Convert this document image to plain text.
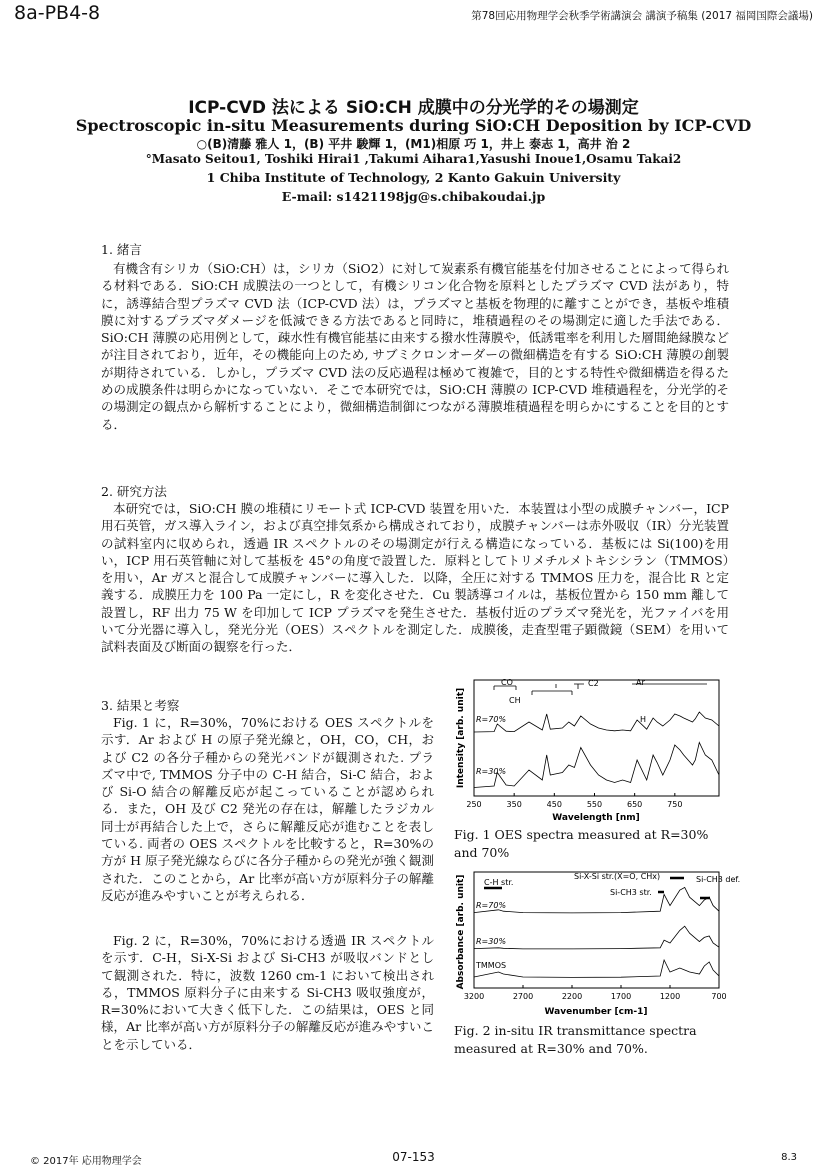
8a-PB4-8	第78回応用物理学会秋季学術講演会 講演予稿集 (2017 福岡国際会議場)
ICP-CVD 法による SiO:CH 成膜中の分光学的その場測定
Spectroscopic in-situ Measurements during SiO:CH Deposition by ICP-CVD
○(B)清藤 雅人 1，(B) 平井 駿輝 1，(M1)相原 巧 1，井上 泰志 1，高井 治 2
°Masato Seitou1, Toshiki Hirai1 ,Takumi Aihara1,Yasushi Inoue1,Osamu Takai2
1 Chiba Institute of Technology, 2 Kanto Gakuin University
E-mail: s1421198jg@s.chibakoudai.jp
1. 緒言
有機含有シリカ（SiO:CH）は，シリカ（SiO2）に対して炭素系有機官能基を付加させることによって得られる材料である．SiO:CH 成膜法の一つとして，有機シリコン化合物を原料としたプラズマ CVD 法があり，特に，誘導結合型プラズマ CVD 法（ICP-CVD 法）は，プラズマと基板を物理的に離すことができ，基板や堆積膜に対するプラズマダメージを低減できる方法であると同時に，堆積過程のその場測定に適した手法である．SiO:CH 薄膜の応用例として，疎水性有機官能基に由来する撥水性薄膜や，低誘電率を利用した層間絶縁膜などが注目されており，近年，その機能向上のため, サブミクロンオーダーの微細構造を有する SiO:CH 薄膜の創製が期待されている．しかし，プラズマ CVD 法の反応過程は極めて複雑で，目的とする特性や微細構造を得るための成膜条件は明らかになっていない．そこで本研究では，SiO:CH 薄膜の ICP-CVD 堆積過程を，分光学的その場測定の観点から解析することにより，微細構造制御につながる薄膜堆積過程を明らかにすることを目的とする．
2. 研究方法
本研究では，SiO:CH 膜の堆積にリモート式 ICP-CVD 装置を用いた．本装置は小型の成膜チャンバー，ICP 用石英管，ガス導入ライン，および真空排気系から構成されており，成膜チャンバーは赤外吸収（IR）分光装置の試料室内に収められ，透過 IR スペクトルのその場測定が行える構造になっている．基板には Si(100)を用い，ICP 用石英管軸に対して基板を 45°の角度で設置した．原料としてトリメチルメトキシシラン（TMMOS）を用い，Ar ガスと混合して成膜チャンバーに導入した．以降，全圧に対する TMMOS 圧力を，混合比 R と定義する．成膜圧力を 100 Pa 一定にし，R を変化させた．Cu 製誘導コイルは，基板位置から 150 mm 離して設置し，RF 出力 75 W を印加して ICP プラズマを発生させた．基板付近のプラズマ発光を，光ファイバを用いて分光器に導入し，発光分光（OES）スペクトルを測定した．成膜後，走査型電子顕微鏡（SEM）を用いて試料表面及び断面の観察を行った．
3. 結果と考察
Fig. 1 に，R=30%，70%における OES スペクトルを示す．Ar および H の原子発光線と，OH，CO，CH，および C2 の各分子種からの発光バンドが観測された. プラズマ中で, TMMOS 分子中の C-H 結合，Si-C 結合，および Si-O 結合の解離反応が起こっていることが認められる．また，OH 及び C2 発光の存在は，解離したラジカル同士が再結合した上で，さらに解離反応が進むことを表している. 両者の OES スペクトルを比較すると，R=30%の方が H 原子発光線ならびに各分子種からの発光が強く観測された．このことから，Ar 比率が高い方が原料分子の解離反応が進みやすいことが考えられる．
Fig. 2 に，R=30%，70%における透過 IR スペクトルを示す．C-H，Si-X-Si および Si-CH3 が吸収バンドとして観測された．特に，波数 1260 cm-1 において検出される，TMMOS 原料分子に由来する Si-CH3 吸収強度が，R=30%において大きく低下した．この結果は，OES と同様，Ar 比率が高い方が原料分子の解離反応が進みやすいことを示している．
Intensity [arb. unit]
Wavelength [nm]
250	350	450	550	650	750
CO
CH
C2	Ar
H
R=70%
R=30%
Fig. 1 OES spectra measured at R=30% and 70%
Absorbance [arb. unit]
Wavenumber [cm-1]
3200	2700	2200	1700	1200	700
C-H str.
Si-X-Si str.(X=O, CHx)
Si-CH3 str.
Si-CH3 def.
R=70%
R=30%
TMMOS
Fig. 2 in-situ IR transmittance spectra measured at R=30% and 70%.
© 2017年 応用物理学会	07-153	8.3
